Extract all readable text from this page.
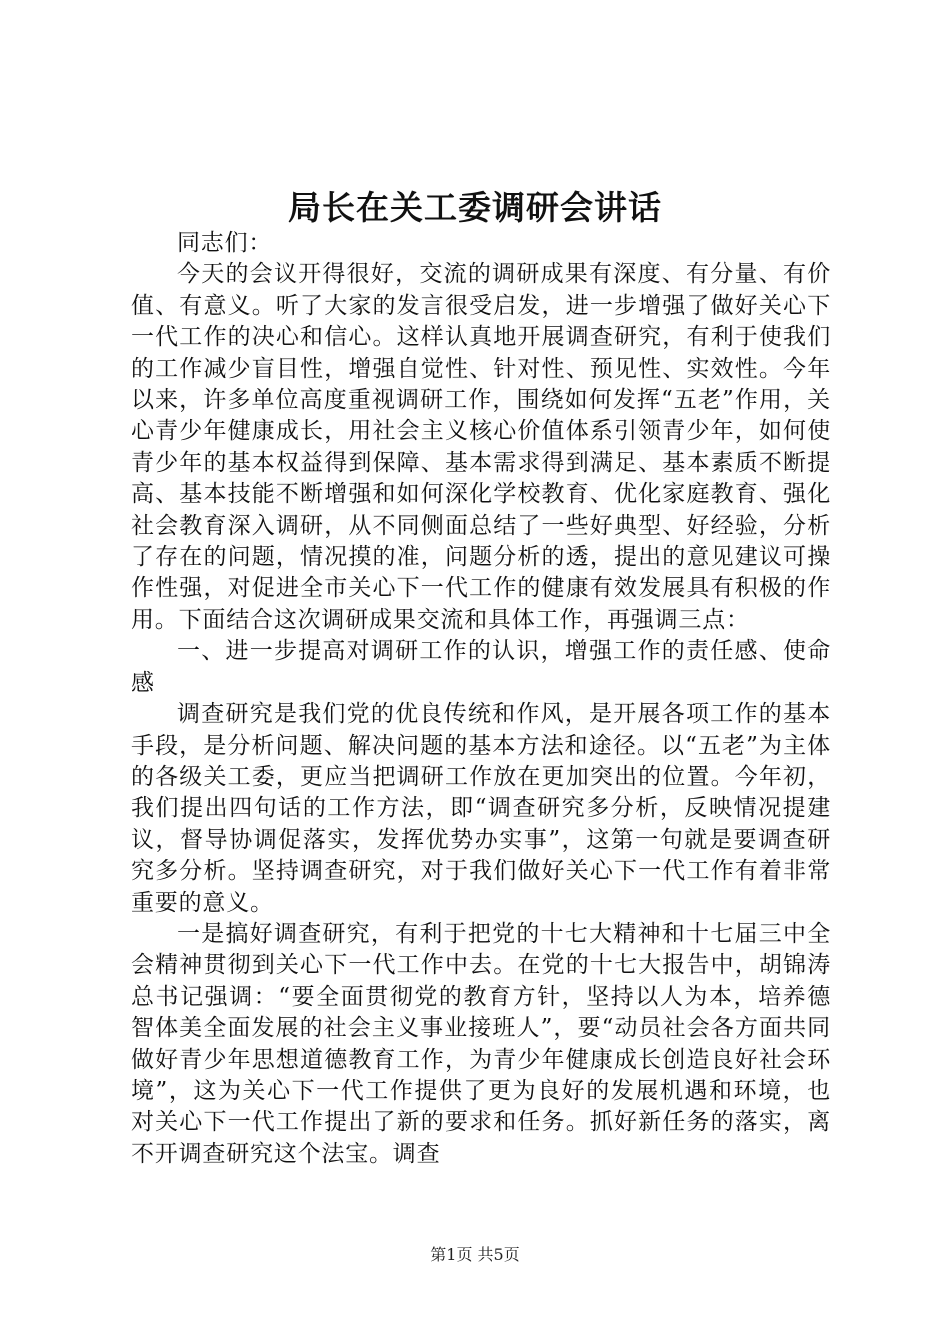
局长在关工委调研会讲话

同志们：

今天的会议开得很好，交流的调研成果有深度、有分量、有价值、有意义。听了大家的发言很受启发，进一步增强了做好关心下一代工作的决心和信心。这样认真地开展调查研究，有利于使我们的工作减少盲目性，增强自觉性、针对性、预见性、实效性。今年以来，许多单位高度重视调研工作，围绕如何发挥“五老”作用，关心青少年健康成长，用社会主义核心价值体系引领青少年，如何使青少年的基本权益得到保障、基本需求得到满足、基本素质不断提高、基本技能不断增强和如何深化学校教育、优化家庭教育、强化社会教育深入调研，从不同侧面总结了一些好典型、好经验，分析了存在的问题，情况摸的准，问题分析的透，提出的意见建议可操作性强，对促进全市关心下一代工作的健康有效发展具有积极的作用。下面结合这次调研成果交流和具体工作，再强调三点：

一、进一步提高对调研工作的认识，增强工作的责任感、使命感

调查研究是我们党的优良传统和作风，是开展各项工作的基本手段，是分析问题、解决问题的基本方法和途径。以“五老”为主体的各级关工委，更应当把调研工作放在更加突出的位置。今年初，我们提出四句话的工作方法，即“调查研究多分析，反映情况提建议，督导协调促落实，发挥优势办实事”，这第一句就是要调查研究多分析。坚持调查研究，对于我们做好关心下一代工作有着非常重要的意义。

一是搞好调查研究，有利于把党的十七大精神和十七届三中全会精神贯彻到关心下一代工作中去。在党的十七大报告中，胡锦涛总书记强调：“要全面贯彻党的教育方针，坚持以人为本，培养德智体美全面发展的社会主义事业接班人”，要“动员社会各方面共同做好青少年思想道德教育工作，为青少年健康成长创造良好社会环境”，这为关心下一代工作提供了更为良好的发展机遇和环境，也对关心下一代工作提出了新的要求和任务。抓好新任务的落实，离不开调查研究这个法宝。调查

第1页 共5页
